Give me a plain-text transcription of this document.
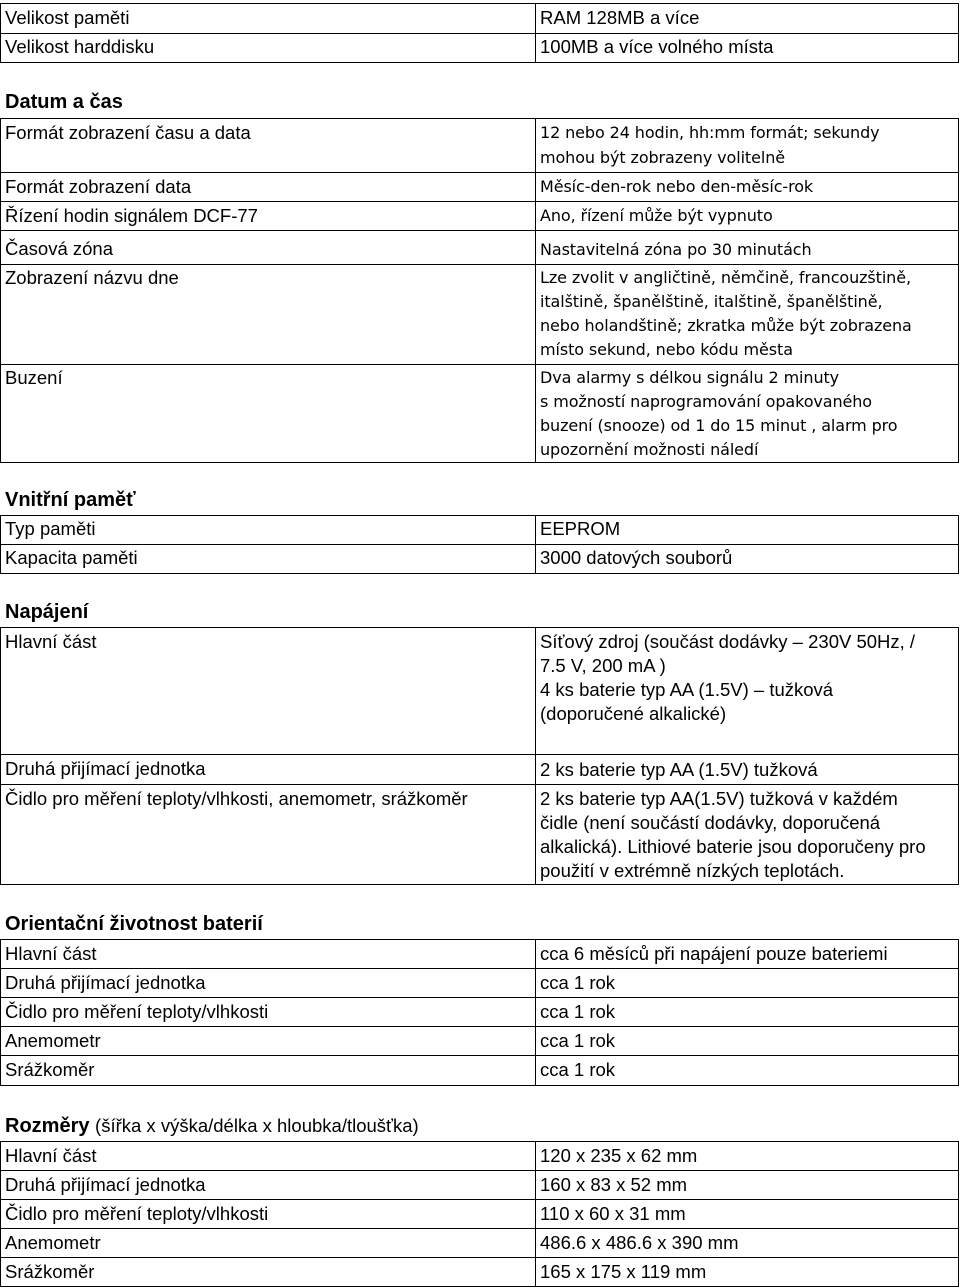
Velikost paměti	RAM 128MB a více
Velikost harddisku	100MB a více volného místa
Datum a čas
Formát zobrazení času a data	12 nebo 24 hodin, hh:mm formát; sekundy
mohou být zobrazeny volitelně
Formát zobrazení data	Měsíc-den-rok nebo den-měsíc-rok
Řízení hodin signálem DCF-77	Ano, řízení může být vypnuto
Časová zóna	Nastavitelná zóna po 30 minutách
Zobrazení názvu dne	Lze zvolit v angličtině, němčině, francouzštině,
italštině, španělštině, italštině, španělštině,
nebo holandštině; zkratka může být zobrazena
místo sekund, nebo kódu města
Buzení	Dva alarmy s délkou signálu 2 minuty
s možností naprogramování opakovaného
buzení (snooze) od 1 do 15 minut , alarm pro
upozornění možnosti náledí
Vnitřní paměť
Typ paměti	EEPROM
Kapacita paměti	3000 datových souborů
Napájení
Hlavní část	Síťový zdroj (součást dodávky – 230V 50Hz, /
7.5 V, 200 mA )
4 ks baterie typ AA (1.5V) – tužková
(doporučené alkalické)
Druhá přijímací jednotka	2 ks baterie typ AA (1.5V) tužková
Čidlo pro měření teploty/vlhkosti, anemometr, srážkoměr	2 ks baterie typ AA(1.5V) tužková v každém
čidle (není součástí dodávky, doporučená
alkalická). Lithiové baterie jsou doporučeny pro
použití v extrémně nízkých teplotách.
Orientační životnost baterií
Hlavní část	cca 6 měsíců při napájení pouze bateriemi
Druhá přijímací jednotka	cca 1 rok
Čidlo pro měření teploty/vlhkosti	cca 1 rok
Anemometr	cca 1 rok
Srážkoměr	cca 1 rok
Rozměry (šířka x výška/délka x hloubka/tloušťka)
Hlavní část	120 x 235 x 62 mm
Druhá přijímací jednotka	160 x 83 x 52 mm
Čidlo pro měření teploty/vlhkosti	110 x 60 x 31 mm
Anemometr	486.6 x 486.6 x 390 mm
Srážkoměr	165 x 175 x 119 mm
